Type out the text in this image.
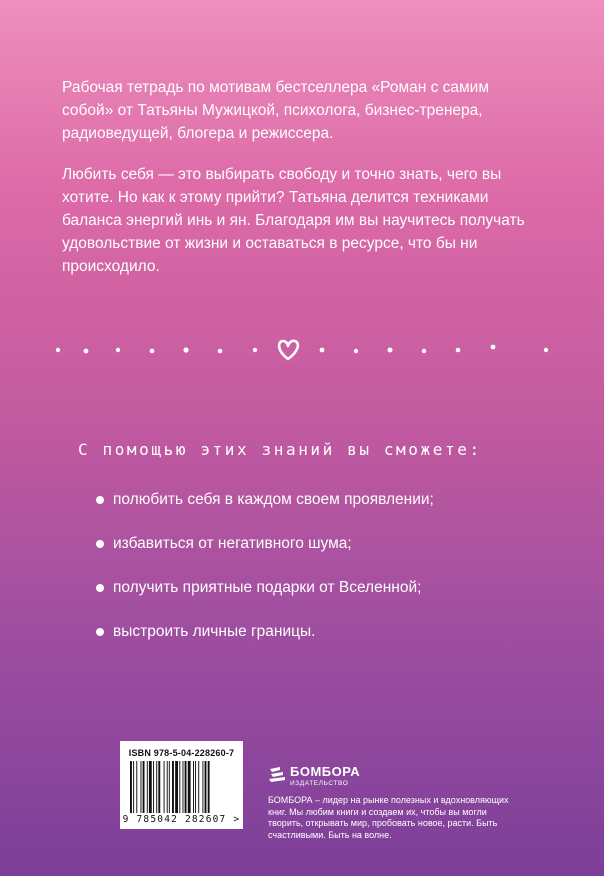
Рабочая тетрадь по мотивам бестселлера «Роман с самим собой» от Татьяны Мужицкой, психолога, бизнес-тренера, радиоведущей, блогера и режиссера.

Любить себя — это выбирать свободу и точно знать, чего вы хотите. Но как к этому прийти? Татьяна делится техниками баланса энергий инь и ян. Благодаря им вы научитесь получать удовольствие от жизни и оставаться в ресурсе, что бы ни происходило.

С помощью этих знаний вы сможете:

полюбить себя в каждом своем проявлении;
избавиться от негативного шума;
получить приятные подарки от Вселенной;
выстроить личные границы.
ISBN 978-5-04-228260-7
9 785042 282607 >
БОМБОРА
ИЗДАТЕЛЬСТВО

БОМБОРА – лидер на рынке полезных и вдохновляющих книг. Мы любим книги и создаем их, чтобы вы могли творить, открывать мир, пробовать новое, расти. Быть счастливыми. Быть на волне.
